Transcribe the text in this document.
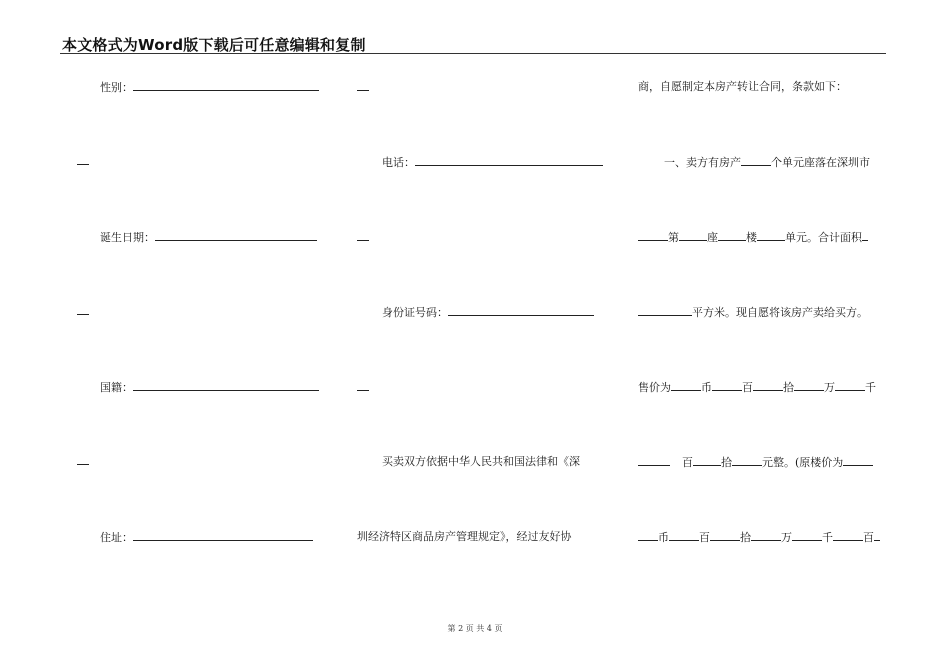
本文格式为Word版下载后可任意编辑和复制
性别：
诞生日期：
国籍：
住址：
电话：
身份证号码：
买卖双方依据中华人民共和国法律和《深
圳经济特区商品房产管理规定》，经过友好协
商，自愿制定本房产转让合同，条款如下：
一、卖方有房产	个单元座落在深圳市
第	座	楼	单元。合计面积
平方米。现自愿将该房产卖给买方。
售价为	币	百	拾	万	千
百	拾	元整。(原楼价为
币	百	拾	万	千	百
第 2 页 共 4 页
